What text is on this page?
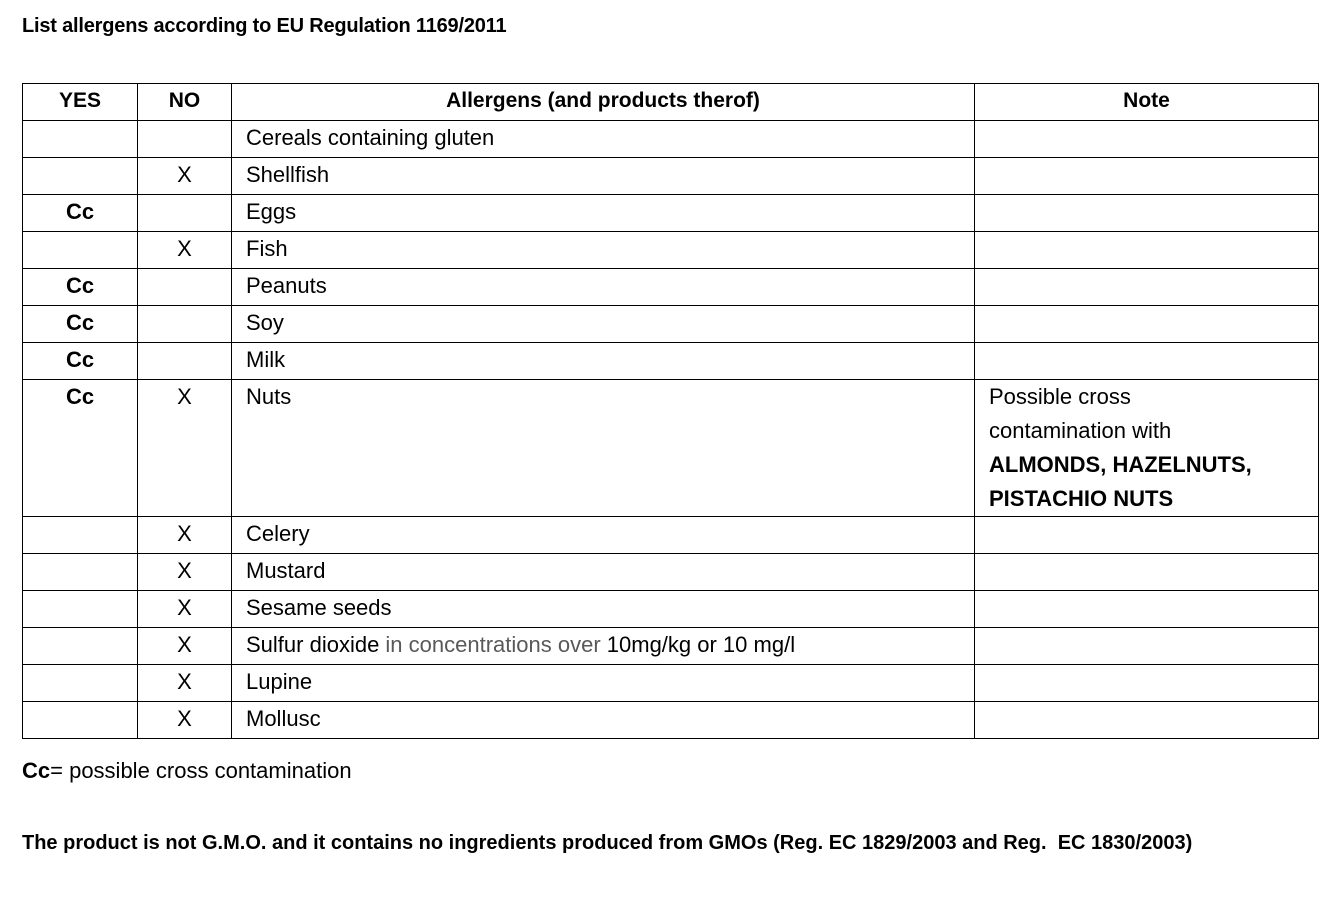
List allergens according to EU Regulation 1169/2011
YES	NO	Allergens (and products therof)	Note
		Cereals containing gluten	
	X	Shellfish	
Cc		Eggs	
	X	Fish	
Cc		Peanuts	
Cc		Soy	
Cc		Milk	
Cc	X	Nuts	Possible cross
contamination with
ALMONDS, HAZELNUTS,
PISTACHIO NUTS

	X	Celery	
	X	Mustard	
	X	Sesame seeds	
	X	Sulfur dioxide in concentrations over 10mg/kg or 10 mg/l	
	X	Lupine	
	X	Mollusc	
Cc= possible cross contamination
The product is not G.M.O. and it contains no ingredients produced from GMOs (Reg. EC 1829/2003 and Reg.  EC 1830/2003)
